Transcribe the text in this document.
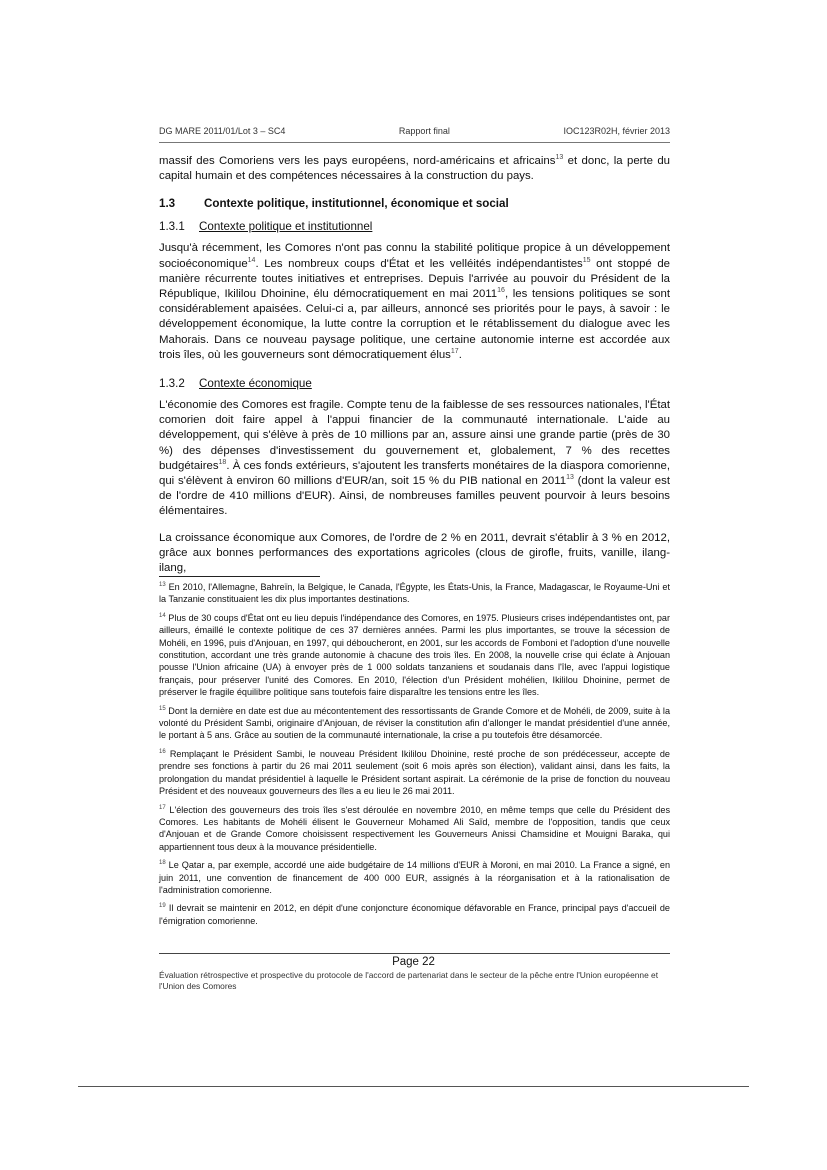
DG MARE 2011/01/Lot 3 – SC4	Rapport final	IOC123R02H, février 2013

massif des Comoriens vers les pays européens, nord-américains et africains$^{13}$ et donc, la perte du capital humain et des compétences nécessaires à la construction du pays.

1.3	Contexte politique, institutionnel, économique et social
1.3.1	Contexte politique et institutionnel

Jusqu'à récemment, les Comores n'ont pas connu la stabilité politique propice à un développement socioéconomique$^{14}$. Les nombreux coups d'État et les velléités indépendantistes$^{15}$ ont stoppé de manière récurrente toutes initiatives et entreprises. Depuis l'arrivée au pouvoir du Président de la République, Ikililou Dhoinine, élu démocratiquement en mai 2011$^{16}$, les tensions politiques se sont considérablement apaisées. Celui-ci a, par ailleurs, annoncé ses priorités pour le pays, à savoir : le développement économique, la lutte contre la corruption et le rétablissement du dialogue avec les Mahorais. Dans ce nouveau paysage politique, une certaine autonomie interne est accordée aux trois îles, où les gouverneurs sont démocratiquement élus$^{17}$.

1.3.2	Contexte économique

L'économie des Comores est fragile. Compte tenu de la faiblesse de ses ressources nationales, l'État comorien doit faire appel à l'appui financier de la communauté internationale. L'aide au développement, qui s'élève à près de 10 millions par an, assure ainsi une grande partie (près de 30 %) des dépenses d'investissement du gouvernement et, globalement, 7 % des recettes budgétaires$^{18}$. À ces fonds extérieurs, s'ajoutent les transferts monétaires de la diaspora comorienne, qui s'élèvent à environ 60 millions d'EUR/an, soit 15 % du PIB national en 2011$^{13}$ (dont la valeur est de l'ordre de 410 millions d'EUR). Ainsi, de nombreuses familles peuvent pourvoir à leurs besoins élémentaires.

La croissance économique aux Comores, de l'ordre de 2 % en 2011, devrait s'établir à 3 % en 2012, grâce aux bonnes performances des exportations agricoles (clous de girofle, fruits, vanille, ilang-ilang,

$^{13}$ En 2010, l'Allemagne, Bahreïn, la Belgique, le Canada, l'Égypte, les États-Unis, la France, Madagascar, le Royaume-Uni et la Tanzanie constituaient les dix plus importantes destinations.

$^{14}$ Plus de 30 coups d'État ont eu lieu depuis l'indépendance des Comores, en 1975. Plusieurs crises indépendantistes ont, par ailleurs, émaillé le contexte politique de ces 37 dernières années. Parmi les plus importantes, se trouve la sécession de Mohéli, en 1996, puis d'Anjouan, en 1997, qui déboucheront, en 2001, sur les accords de Fomboni et l'adoption d'une nouvelle constitution, accordant une très grande autonomie à chacune des trois îles. En 2008, la nouvelle crise qui éclate à Anjouan pousse l'Union africaine (UA) à envoyer près de 1 000 soldats tanzaniens et soudanais dans l'île, avec l'appui logistique français, pour préserver l'unité des Comores. En 2010, l'élection d'un Président mohélien, Ikililou Dhoinine, permet de préserver le fragile équilibre politique sans toutefois faire disparaître les tensions entre les îles.

$^{15}$ Dont la dernière en date est due au mécontentement des ressortissants de Grande Comore et de Mohéli, de 2009, suite à la volonté du Président Sambi, originaire d'Anjouan, de réviser la constitution afin d'allonger le mandat présidentiel d'une année, le portant à 5 ans. Grâce au soutien de la communauté internationale, la crise a pu toutefois être désamorcée.

$^{16}$ Remplaçant le Président Sambi, le nouveau Président Ikililou Dhoinine, resté proche de son prédécesseur, accepte de prendre ses fonctions à partir du 26 mai 2011 seulement (soit 6 mois après son élection), validant ainsi, dans les faits, la prolongation du mandat présidentiel à laquelle le Président sortant aspirait. La cérémonie de la prise de fonction du nouveau Président et des nouveaux gouverneurs des îles a eu lieu le 26 mai 2011.

$^{17}$ L'élection des gouverneurs des trois îles s'est déroulée en novembre 2010, en même temps que celle du Président des Comores. Les habitants de Mohéli élisent le Gouverneur Mohamed Ali Saïd, membre de l'opposition, tandis que ceux d'Anjouan et de Grande Comore choisissent respectivement les Gouverneurs Anissi Chamsidine et Mouigni Baraka, qui appartiennent tous deux à la mouvance présidentielle.

$^{18}$ Le Qatar a, par exemple, accordé une aide budgétaire de 14 millions d'EUR à Moroni, en mai 2010. La France a signé, en juin 2011, une convention de financement de 400 000 EUR, assignés à la réorganisation et à la rationalisation de l'administration comorienne.

$^{19}$ Il devrait se maintenir en 2012, en dépit d'une conjoncture économique défavorable en France, principal pays d'accueil de l'émigration comorienne.

Page 22
Évaluation rétrospective et prospective du protocole de l'accord de partenariat dans le secteur de la pêche entre l'Union européenne et l'Union des Comores
